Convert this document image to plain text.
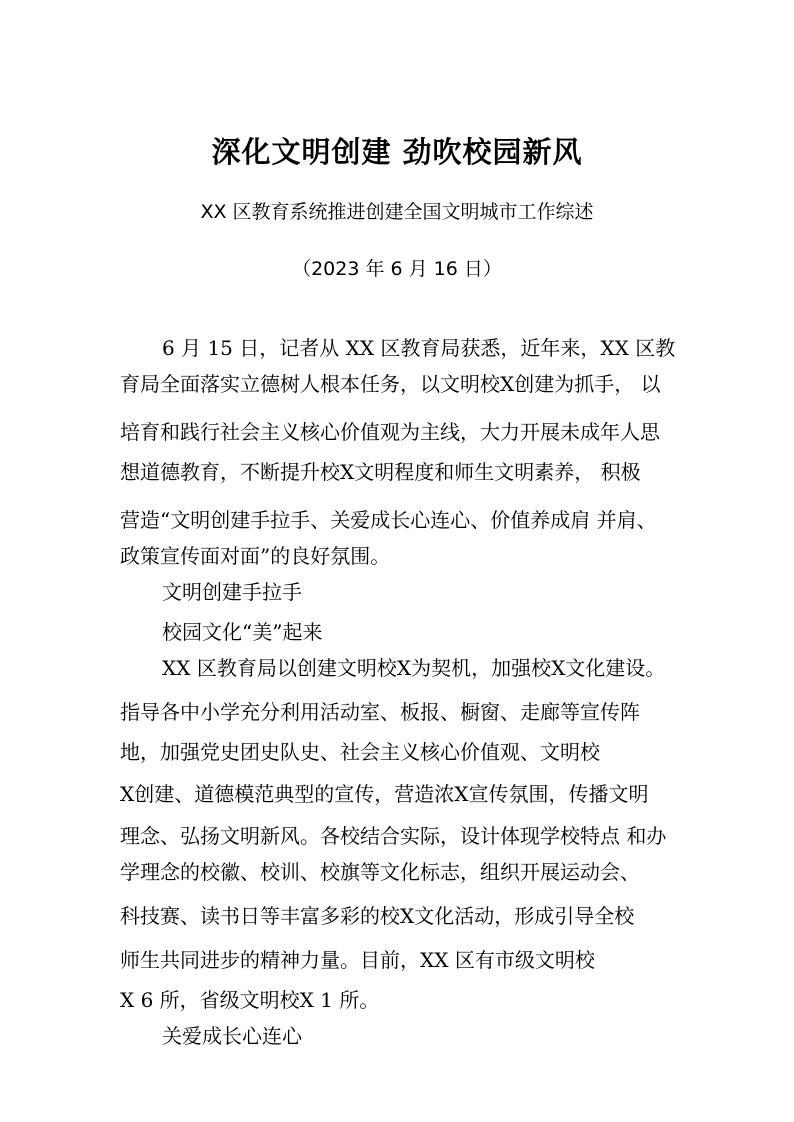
深化文明创建 劲吹校园新风
XX 区教育系统推进创建全国文明城市工作综述
（2023 年 6 月 16 日）
6 月 15 日，记者从 XX 区教育局获悉，近年来，XX 区教
育局全面落实立德树人根本任务，以文明校X创建为抓手， 以
培育和践行社会主义核心价值观为主线，大力开展未成年人思
想道德教育，不断提升校X文明程度和师生文明素养， 积极
营造“文明创建手拉手、关爱成长心连心、价值养成肩 并肩、
政策宣传面对面”的良好氛围。
文明创建手拉手
校园文化“美”起来
XX 区教育局以创建文明校X为契机，加强校X文化建设。
指导各中小学充分利用活动室、板报、橱窗、走廊等宣传阵
地，加强党史团史队史、社会主义核心价值观、文明校
X创建、道德模范典型的宣传，营造浓X宣传氛围，传播文明
理念、弘扬文明新风。各校结合实际，设计体现学校特点 和办
学理念的校徽、校训、校旗等文化标志，组织开展运动会、
科技赛、读书日等丰富多彩的校X文化活动，形成引导全校
师生共同进步的精神力量。目前，XX 区有市级文明校
X 6 所，省级文明校X 1 所。
关爱成长心连心
